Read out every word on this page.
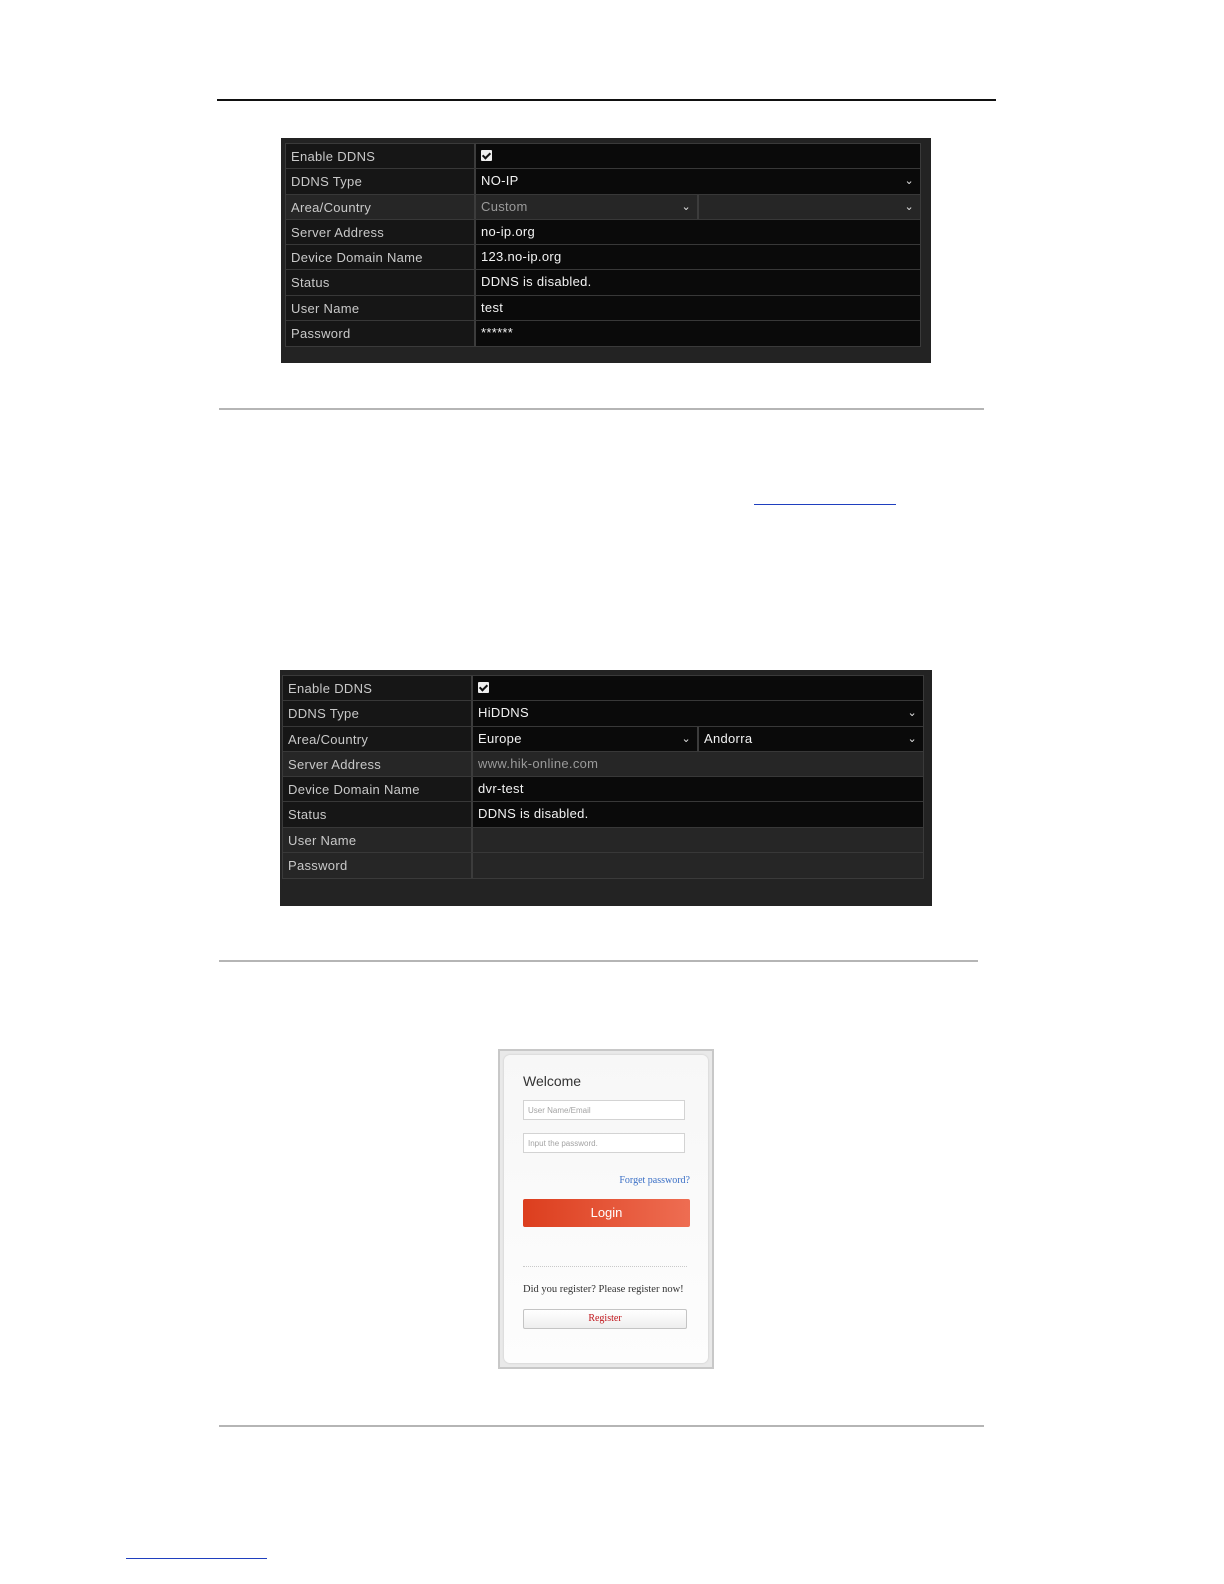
Enable DDNS
DDNS Type	NO-IP	⌄
Area/Country	Custom	⌄	⌄
Server Address	no-ip.org
Device Domain Name	123.no-ip.org
Status	DDNS is disabled.
User Name	test
Password	******
Enable DDNS
DDNS Type	HiDDNS	⌄
Area/Country	Europe	⌄	Andorra	⌄
Server Address	www.hik-online.com
Device Domain Name	dvr-test
Status	DDNS is disabled.
User Name
Password
Welcome
User Name/Email
Input the password.
Forget password?
Login
Did you register? Please register now!
Register
